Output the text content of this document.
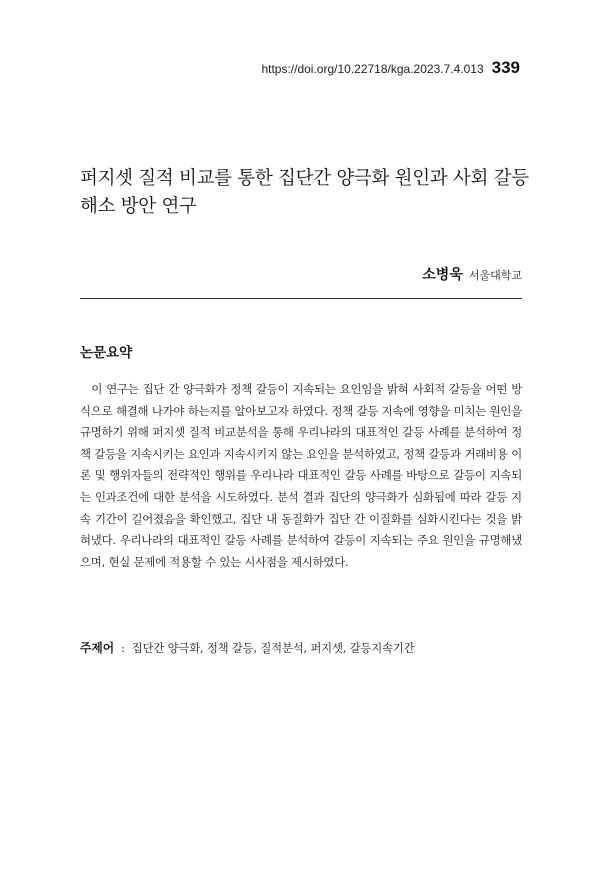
https://doi.org/10.22718/kga.2023.7.4.013 339
퍼지셋 질적 비교를 통한 집단간 양극화 원인과 사회 갈등 해소 방안 연구
소병욱 서울대학교
논문요약

이 연구는 집단 간 양극화가 정책 갈등이 지속되는 요인임을 밝혀 사회적 갈등을 어떤 방식으로 해결해 나가야 하는지를 알아보고자 하였다. 정책 갈등 지속에 영향을 미치는 원인을 규명하기 위해 퍼지셋 질적 비교분석을 통해 우리나라의 대표적인 갈등 사례를 분석하여 정책 갈등을 지속시키는 요인과 지속시키지 않는 요인을 분석하였고, 정책 갈등과 거래비용 이론 및 행위자들의 전략적인 행위를 우리나라 대표적인 갈등 사례를 바탕으로 갈등이 지속되는 인과조건에 대한 분석을 시도하였다. 분석 결과 집단의 양극화가 심화됨에 따라 갈등 지속 기간이 길어졌음을 확인했고, 집단 내 동질화가 집단 간 이질화를 심화시킨다는 것을 밝혀냈다. 우리나라의 대표적인 갈등 사례를 분석하여 갈등이 지속되는 주요 원인을 규명해냈으며, 현실 문제에 적용할 수 있는 시사점을 제시하였다.

주제어 : 집단간 양극화, 정책 갈등, 질적분석, 퍼지셋, 갈등지속기간
